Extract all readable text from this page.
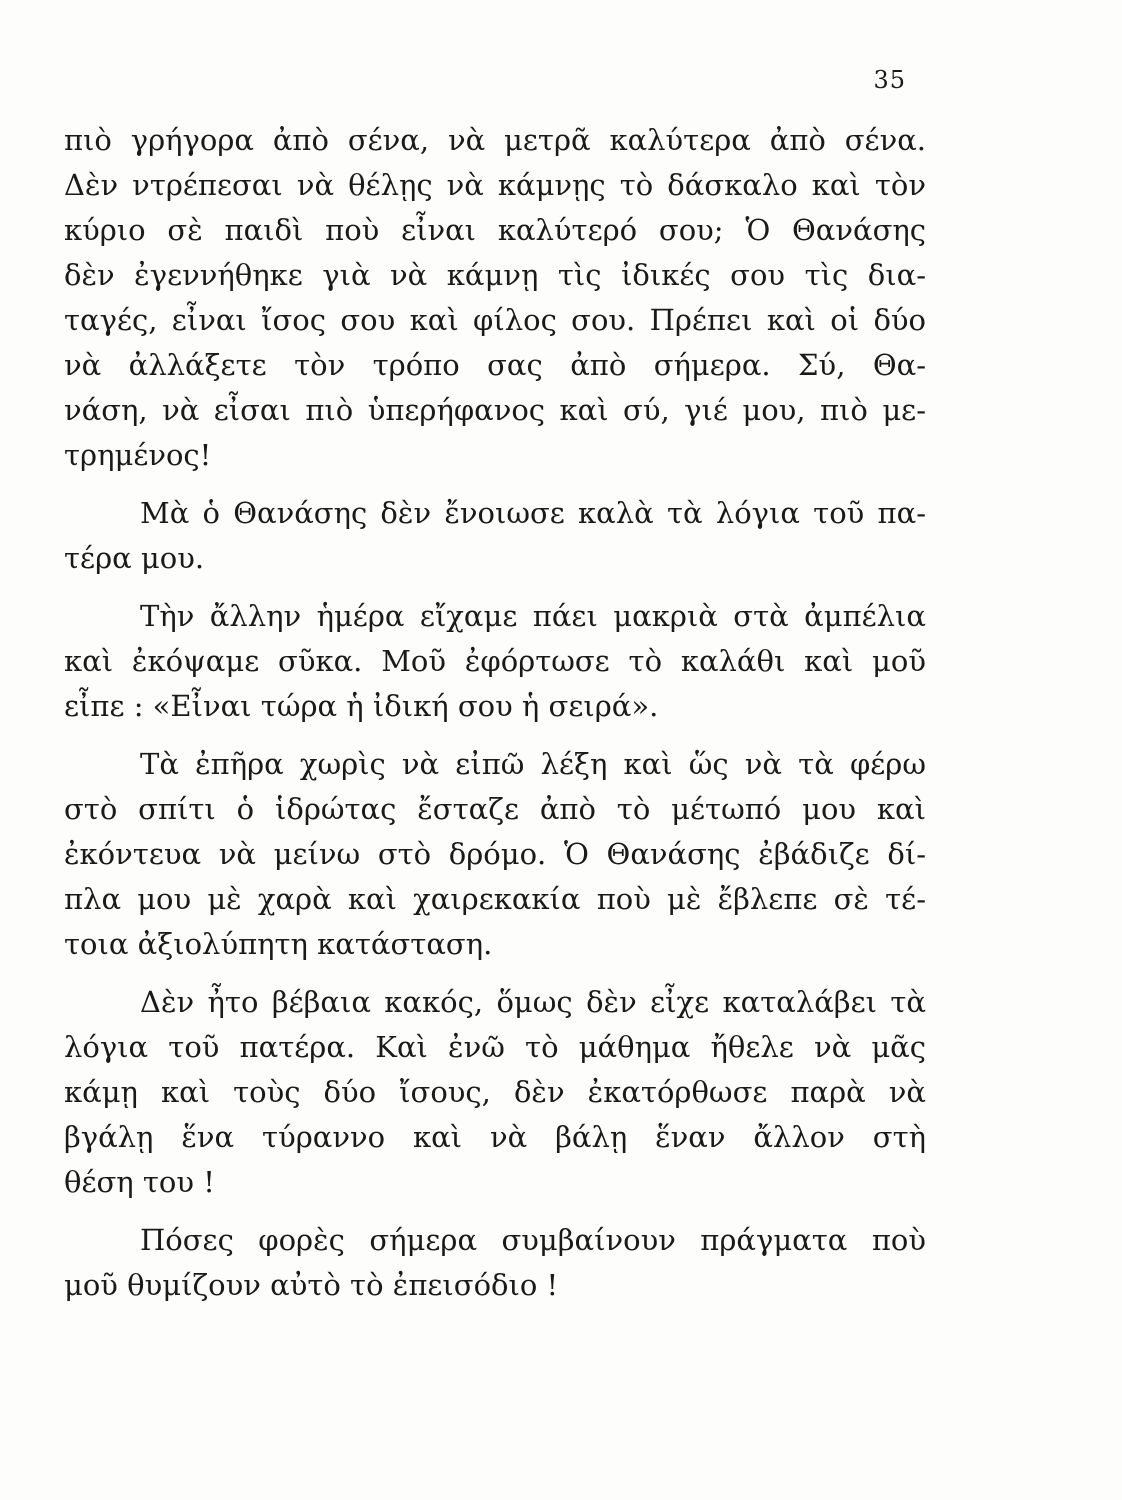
35
πιὸ γρήγορα ἀπὸ σένα, νὰ μετρᾶ καλύτερα ἀπὸ σένα.
Δὲν ντρέπεσαι νὰ θέλῃς νὰ κάμνῃς τὸ δάσκαλο καὶ τὸν
κύριο σὲ παιδὶ ποὺ εἶναι καλύτερό σου; Ὁ Θανάσης
δὲν ἐγεννήθηκε γιὰ νὰ κάμνῃ τὶς ἰδικές σου τὶς δια-
ταγές, εἶναι ἴσος σου καὶ φίλος σου. Πρέπει καὶ οἱ δύο
νὰ ἀλλάξετε τὸν τρόπο σας ἀπὸ σήμερα. Σύ, Θα-
νάση, νὰ εἶσαι πιὸ ὑπερήφανος καὶ σύ, γιέ μου, πιὸ με-
τρημένος!
Μὰ ὁ Θανάσης δὲν ἔνοιωσε καλὰ τὰ λόγια τοῦ πα-
τέρα μου.
Τὴν ἄλλην ἡμέρα εἴχαμε πάει μακριὰ στὰ ἀμπέλια
καὶ ἐκόψαμε σῦκα. Μοῦ ἐφόρτωσε τὸ καλάθι καὶ μοῦ
εἶπε : «Εἶναι τώρα ἡ ἰδική σου ἡ σειρά».
Τὰ ἐπῆρα χωρὶς νὰ εἰπῶ λέξη καὶ ὥς νὰ τὰ φέρω
στὸ σπίτι ὁ ἱδρώτας ἔσταζε ἀπὸ τὸ μέτωπό μου καὶ
ἐκόντευα νὰ μείνω στὸ δρόμο. Ὁ Θανάσης ἐβάδιζε δί-
πλα μου μὲ χαρὰ καὶ χαιρεκακία ποὺ μὲ ἔβλεπε σὲ τέ-
τοια ἀξιολύπητη κατάσταση.
Δὲν ἦτο βέβαια κακός, ὅμως δὲν εἶχε καταλάβει τὰ
λόγια τοῦ πατέρα. Καὶ ἐνῶ τὸ μάθημα ἤθελε νὰ μᾶς
κάμῃ καὶ τοὺς δύο ἴσους, δὲν ἐκατόρθωσε παρὰ νὰ
βγάλῃ ἕνα τύραννο καὶ νὰ βάλῃ ἕναν ἄλλον στὴ
θέση του !
Πόσες φορὲς σήμερα συμβαίνουν πράγματα ποὺ
μοῦ θυμίζουν αὐτὸ τὸ ἐπεισόδιο !
